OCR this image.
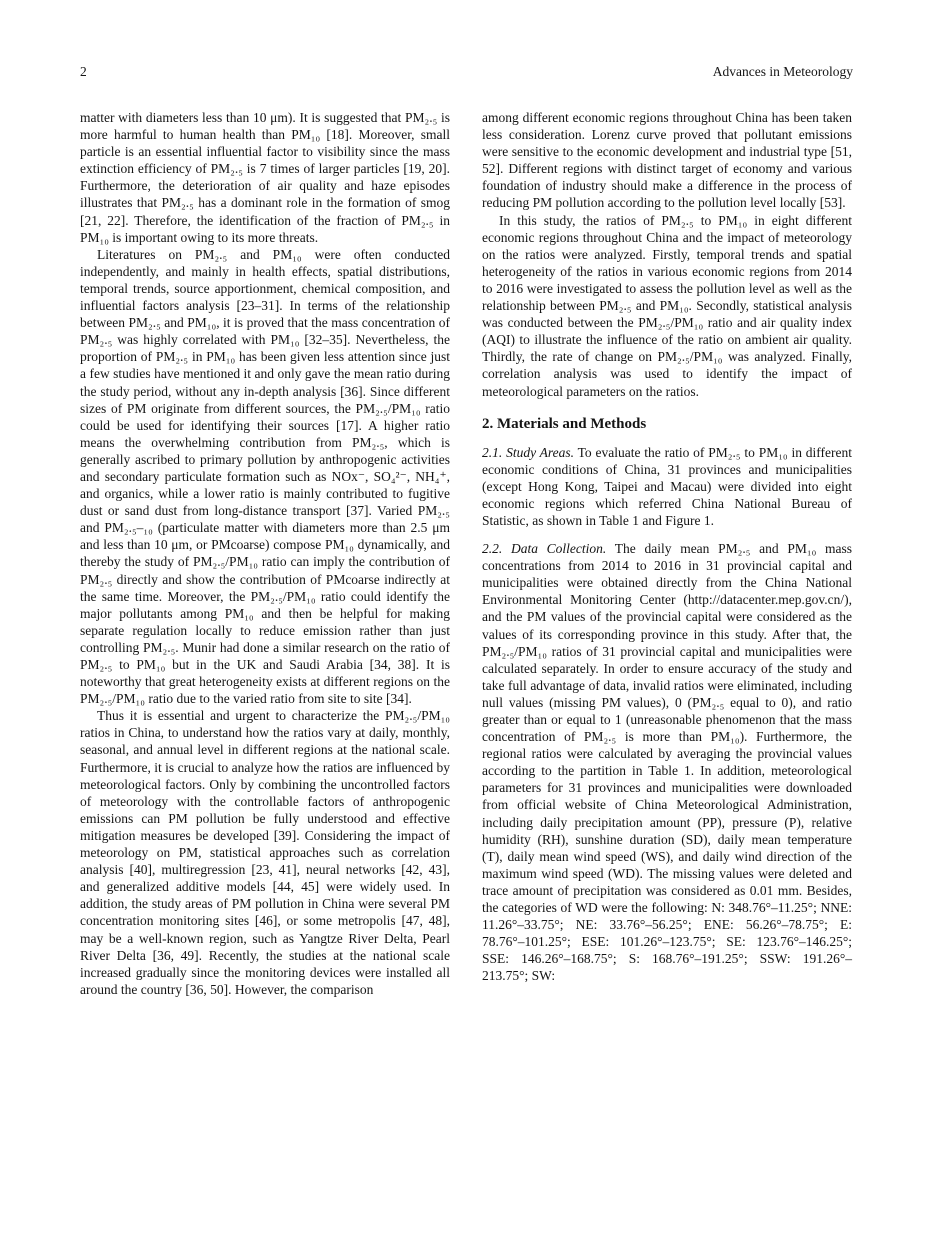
2	Advances in Meteorology

matter with diameters less than 10 μm). It is suggested that PM₂.₅ is more harmful to human health than PM₁₀ [18]. Moreover, small particle is an essential influential factor to visibility since the mass extinction efficiency of PM₂.₅ is 7 times of larger particles [19, 20]. Furthermore, the deterioration of air quality and haze episodes illustrates that PM₂.₅ has a dominant role in the formation of smog [21, 22]. Therefore, the identification of the fraction of PM₂.₅ in PM₁₀ is important owing to its more threats.

Literatures on PM₂.₅ and PM₁₀ were often conducted independently, and mainly in health effects, spatial distributions, temporal trends, source apportionment, chemical composition, and influential factors analysis [23–31]. In terms of the relationship between PM₂.₅ and PM₁₀, it is proved that the mass concentration of PM₂.₅ was highly correlated with PM₁₀ [32–35]. Nevertheless, the proportion of PM₂.₅ in PM₁₀ has been given less attention since just a few studies have mentioned it and only gave the mean ratio during the study period, without any in-depth analysis [36]. Since different sizes of PM originate from different sources, the PM₂.₅/PM₁₀ ratio could be used for identifying their sources [17]. A higher ratio means the overwhelming contribution from PM₂.₅, which is generally ascribed to primary pollution by anthropogenic activities and secondary particulate formation such as NOx⁻, SO₄²⁻, NH₄⁺, and organics, while a lower ratio is mainly contributed to fugitive dust or sand dust from long-distance transport [37]. Varied PM₂.₅ and PM₂.₅–₁₀ (particulate matter with diameters more than 2.5 μm and less than 10 μm, or PMcoarse) compose PM₁₀ dynamically, and thereby the study of PM₂.₅/PM₁₀ ratio can imply the contribution of PM₂.₅ directly and show the contribution of PMcoarse indirectly at the same time. Moreover, the PM₂.₅/PM₁₀ ratio could identify the major pollutants among PM₁₀ and then be helpful for making separate regulation locally to reduce emission rather than just controlling PM₂.₅. Munir had done a similar research on the ratio of PM₂.₅ to PM₁₀ but in the UK and Saudi Arabia [34, 38]. It is noteworthy that great heterogeneity exists at different regions on the PM₂.₅/PM₁₀ ratio due to the varied ratio from site to site [34].

Thus it is essential and urgent to characterize the PM₂.₅/PM₁₀ ratios in China, to understand how the ratios vary at daily, monthly, seasonal, and annual level in different regions at the national scale. Furthermore, it is crucial to analyze how the ratios are influenced by meteorological factors. Only by combining the uncontrolled factors of meteorology with the controllable factors of anthropogenic emissions can PM pollution be fully understood and effective mitigation measures be developed [39]. Considering the impact of meteorology on PM, statistical approaches such as correlation analysis [40], multiregression [23, 41], neural networks [42, 43], and generalized additive models [44, 45] were widely used. In addition, the study areas of PM pollution in China were several PM concentration monitoring sites [46], or some metropolis [47, 48], may be a well-known region, such as Yangtze River Delta, Pearl River Delta [36, 49]. Recently, the studies at the national scale increased gradually since the monitoring devices were installed all around the country [36, 50]. However, the comparison

among different economic regions throughout China has been taken less consideration. Lorenz curve proved that pollutant emissions were sensitive to the economic development and industrial type [51, 52]. Different regions with distinct target of economy and various foundation of industry should make a difference in the process of reducing PM pollution according to the pollution level locally [53].

In this study, the ratios of PM₂.₅ to PM₁₀ in eight different economic regions throughout China and the impact of meteorology on the ratios were analyzed. Firstly, temporal trends and spatial heterogeneity of the ratios in various economic regions from 2014 to 2016 were investigated to assess the pollution level as well as the relationship between PM₂.₅ and PM₁₀. Secondly, statistical analysis was conducted between the PM₂.₅/PM₁₀ ratio and air quality index (AQI) to illustrate the influence of the ratio on ambient air quality. Thirdly, the rate of change on PM₂.₅/PM₁₀ was analyzed. Finally, correlation analysis was used to identify the impact of meteorological parameters on the ratios.

2. Materials and Methods

2.1. Study Areas. To evaluate the ratio of PM₂.₅ to PM₁₀ in different economic conditions of China, 31 provinces and municipalities (except Hong Kong, Taipei and Macau) were divided into eight economic regions which referred China National Bureau of Statistic, as shown in Table 1 and Figure 1.

2.2. Data Collection. The daily mean PM₂.₅ and PM₁₀ mass concentrations from 2014 to 2016 in 31 provincial capital and municipalities were obtained directly from the China National Environmental Monitoring Center (http://datacenter.mep.gov.cn/), and the PM values of the provincial capital were considered as the values of its corresponding province in this study. After that, the PM₂.₅/PM₁₀ ratios of 31 provincial capital and municipalities were calculated separately. In order to ensure accuracy of the study and take full advantage of data, invalid ratios were eliminated, including null values (missing PM values), 0 (PM₂.₅ equal to 0), and ratio greater than or equal to 1 (unreasonable phenomenon that the mass concentration of PM₂.₅ is more than PM₁₀). Furthermore, the regional ratios were calculated by averaging the provincial values according to the partition in Table 1. In addition, meteorological parameters for 31 provinces and municipalities were downloaded from official website of China Meteorological Administration, including daily precipitation amount (PP), pressure (P), relative humidity (RH), sunshine duration (SD), daily mean temperature (T), daily mean wind speed (WS), and daily wind direction of the maximum wind speed (WD). The missing values were deleted and trace amount of precipitation was considered as 0.01 mm. Besides, the categories of WD were the following: N: 348.76°–11.25°; NNE: 11.26°–33.75°; NE: 33.76°–56.25°; ENE: 56.26°–78.75°; E: 78.76°–101.25°; ESE: 101.26°–123.75°; SE: 123.76°–146.25°; SSE: 146.26°–168.75°; S: 168.76°–191.25°; SSW: 191.26°–213.75°; SW:
